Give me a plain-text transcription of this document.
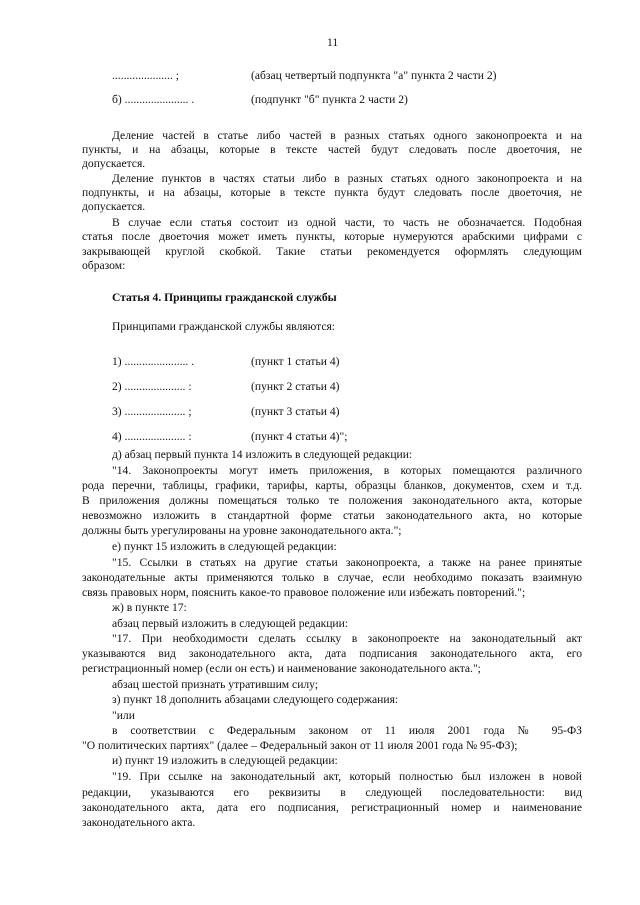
11
..................... ;	(абзац четвертый подпункта "а" пункта 2 части 2)
б) ...................... .	(подпункт "б" пункта 2 части 2)
Деление частей в статье либо частей в разных статьях одного законопроекта и на
пункты, и на абзацы, которые в тексте частей будут следовать после двоеточия, не
допускается.
Деление пунктов в частях статьи либо в разных статьях одного законопроекта и на
подпункты, и на абзацы, которые в тексте пункта будут следовать после двоеточия, не
допускается.
В случае если статья состоит из одной части, то часть не обозначается. Подобная
статья после двоеточия может иметь пункты, которые нумеруются арабскими цифрами с
закрывающей круглой скобкой. Такие статьи рекомендуется оформлять следующим
образом:
Статья 4. Принципы гражданской службы
Принципами гражданской службы являются:
1) ...................... .	(пункт 1 статьи 4)
2) ..................... :	(пункт 2 статьи 4)
3) ..................... ;	(пункт 3 статьи 4)
4) ..................... :	(пункт 4 статьи 4)";
д) абзац первый пункта 14 изложить в следующей редакции:
"14. Законопроекты могут иметь приложения, в которых помещаются различного
рода перечни, таблицы, графики, тарифы, карты, образцы бланков, документов, схем и т.д.
В приложения должны помещаться только те положения законодательного акта, которые
невозможно изложить в стандартной форме статьи законодательного акта, но которые
должны быть урегулированы на уровне законодательного акта.";
е) пункт 15 изложить в следующей редакции:
"15. Ссылки в статьях на другие статьи законопроекта, а также на ранее принятые
законодательные акты применяются только в случае, если необходимо показать взаимную
связь правовых норм, пояснить какое-то правовое положение или избежать повторений.";
ж) в пункте 17:
абзац первый изложить в следующей редакции:
"17. При необходимости сделать ссылку в законопроекте на законодательный акт
указываются вид законодательного акта, дата подписания законодательного акта, его
регистрационный номер (если он есть) и наименование законодательного акта.";
абзац шестой признать утратившим силу;
з) пункт 18 дополнить абзацами следующего содержания:
"или
в соответствии с Федеральным законом от 11 июля 2001 года № 95-ФЗ
"О политических партиях" (далее – Федеральный закон от 11 июля 2001 года № 95-ФЗ);
и) пункт 19 изложить в следующей редакции:
"19. При ссылке на законодательный акт, который полностью был изложен в новой
редакции, указываются его реквизиты в следующей последовательности: вид
законодательного акта, дата его подписания, регистрационный номер и наименование
законодательного акта.
